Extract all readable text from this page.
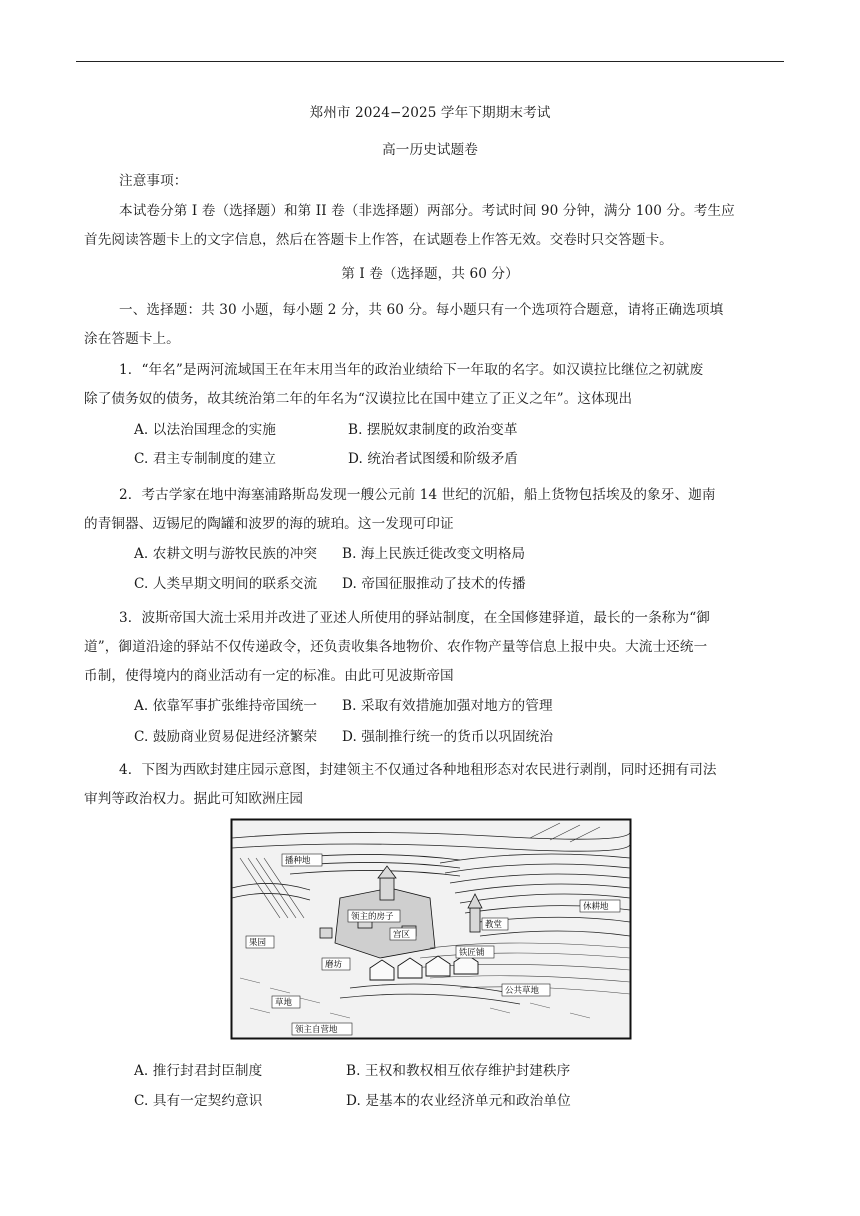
郑州市 2024−2025 学年下期期末考试
高一历史试题卷
注意事项：
本试卷分第 I 卷（选择题）和第 II 卷（非选择题）两部分。考试时间 90 分钟，满分 100 分。考生应
首先阅读答题卡上的文字信息，然后在答题卡上作答，在试题卷上作答无效。交卷时只交答题卡。
第 I 卷（选择题，共 60 分）
一、选择题：共 30 小题，每小题 2 分，共 60 分。每小题只有一个选项符合题意，请将正确选项填
涂在答题卡上。
1．“年名”是两河流域国王在年末用当年的政治业绩给下一年取的名字。如汉谟拉比继位之初就废
除了债务奴的债务，故其统治第二年的年名为“汉谟拉比在国中建立了正义之年”。这体现出
A. 以法治国理念的实施	B. 摆脱奴隶制度的政治变革
C. 君主专制制度的建立	D. 统治者试图缓和阶级矛盾
2．考古学家在地中海塞浦路斯岛发现一艘公元前 14 世纪的沉船，船上货物包括埃及的象牙、迦南
的青铜器、迈锡尼的陶罐和波罗的海的琥珀。这一发现可印证
A. 农耕文明与游牧民族的冲突 B. 海上民族迁徙改变文明格局
C. 人类早期文明间的联系交流 D. 帝国征服推动了技术的传播
3．波斯帝国大流士采用并改进了亚述人所使用的驿站制度，在全国修建驿道，最长的一条称为“御
道”，御道沿途的驿站不仅传递政令，还负责收集各地物价、农作物产量等信息上报中央。大流士还统一
币制，使得境内的商业活动有一定的标准。由此可见波斯帝国
A. 依靠军事扩张维持帝国统一 B. 采取有效措施加强对地方的管理
C. 鼓励商业贸易促进经济繁荣 D. 强制推行统一的货币以巩固统治
4．下图为西欧封建庄园示意图，封建领主不仅通过各种地租形态对农民进行剥削，同时还拥有司法
审判等政治权力。据此可知欧洲庄园
播种地
领主的房子
教堂
宫区
果园
磨坊
铁匠铺
草地
公共草地
领主自营地
休耕地
A. 推行封君封臣制度	B. 王权和教权相互依存维护封建秩序
C. 具有一定契约意识	D. 是基本的农业经济单元和政治单位
